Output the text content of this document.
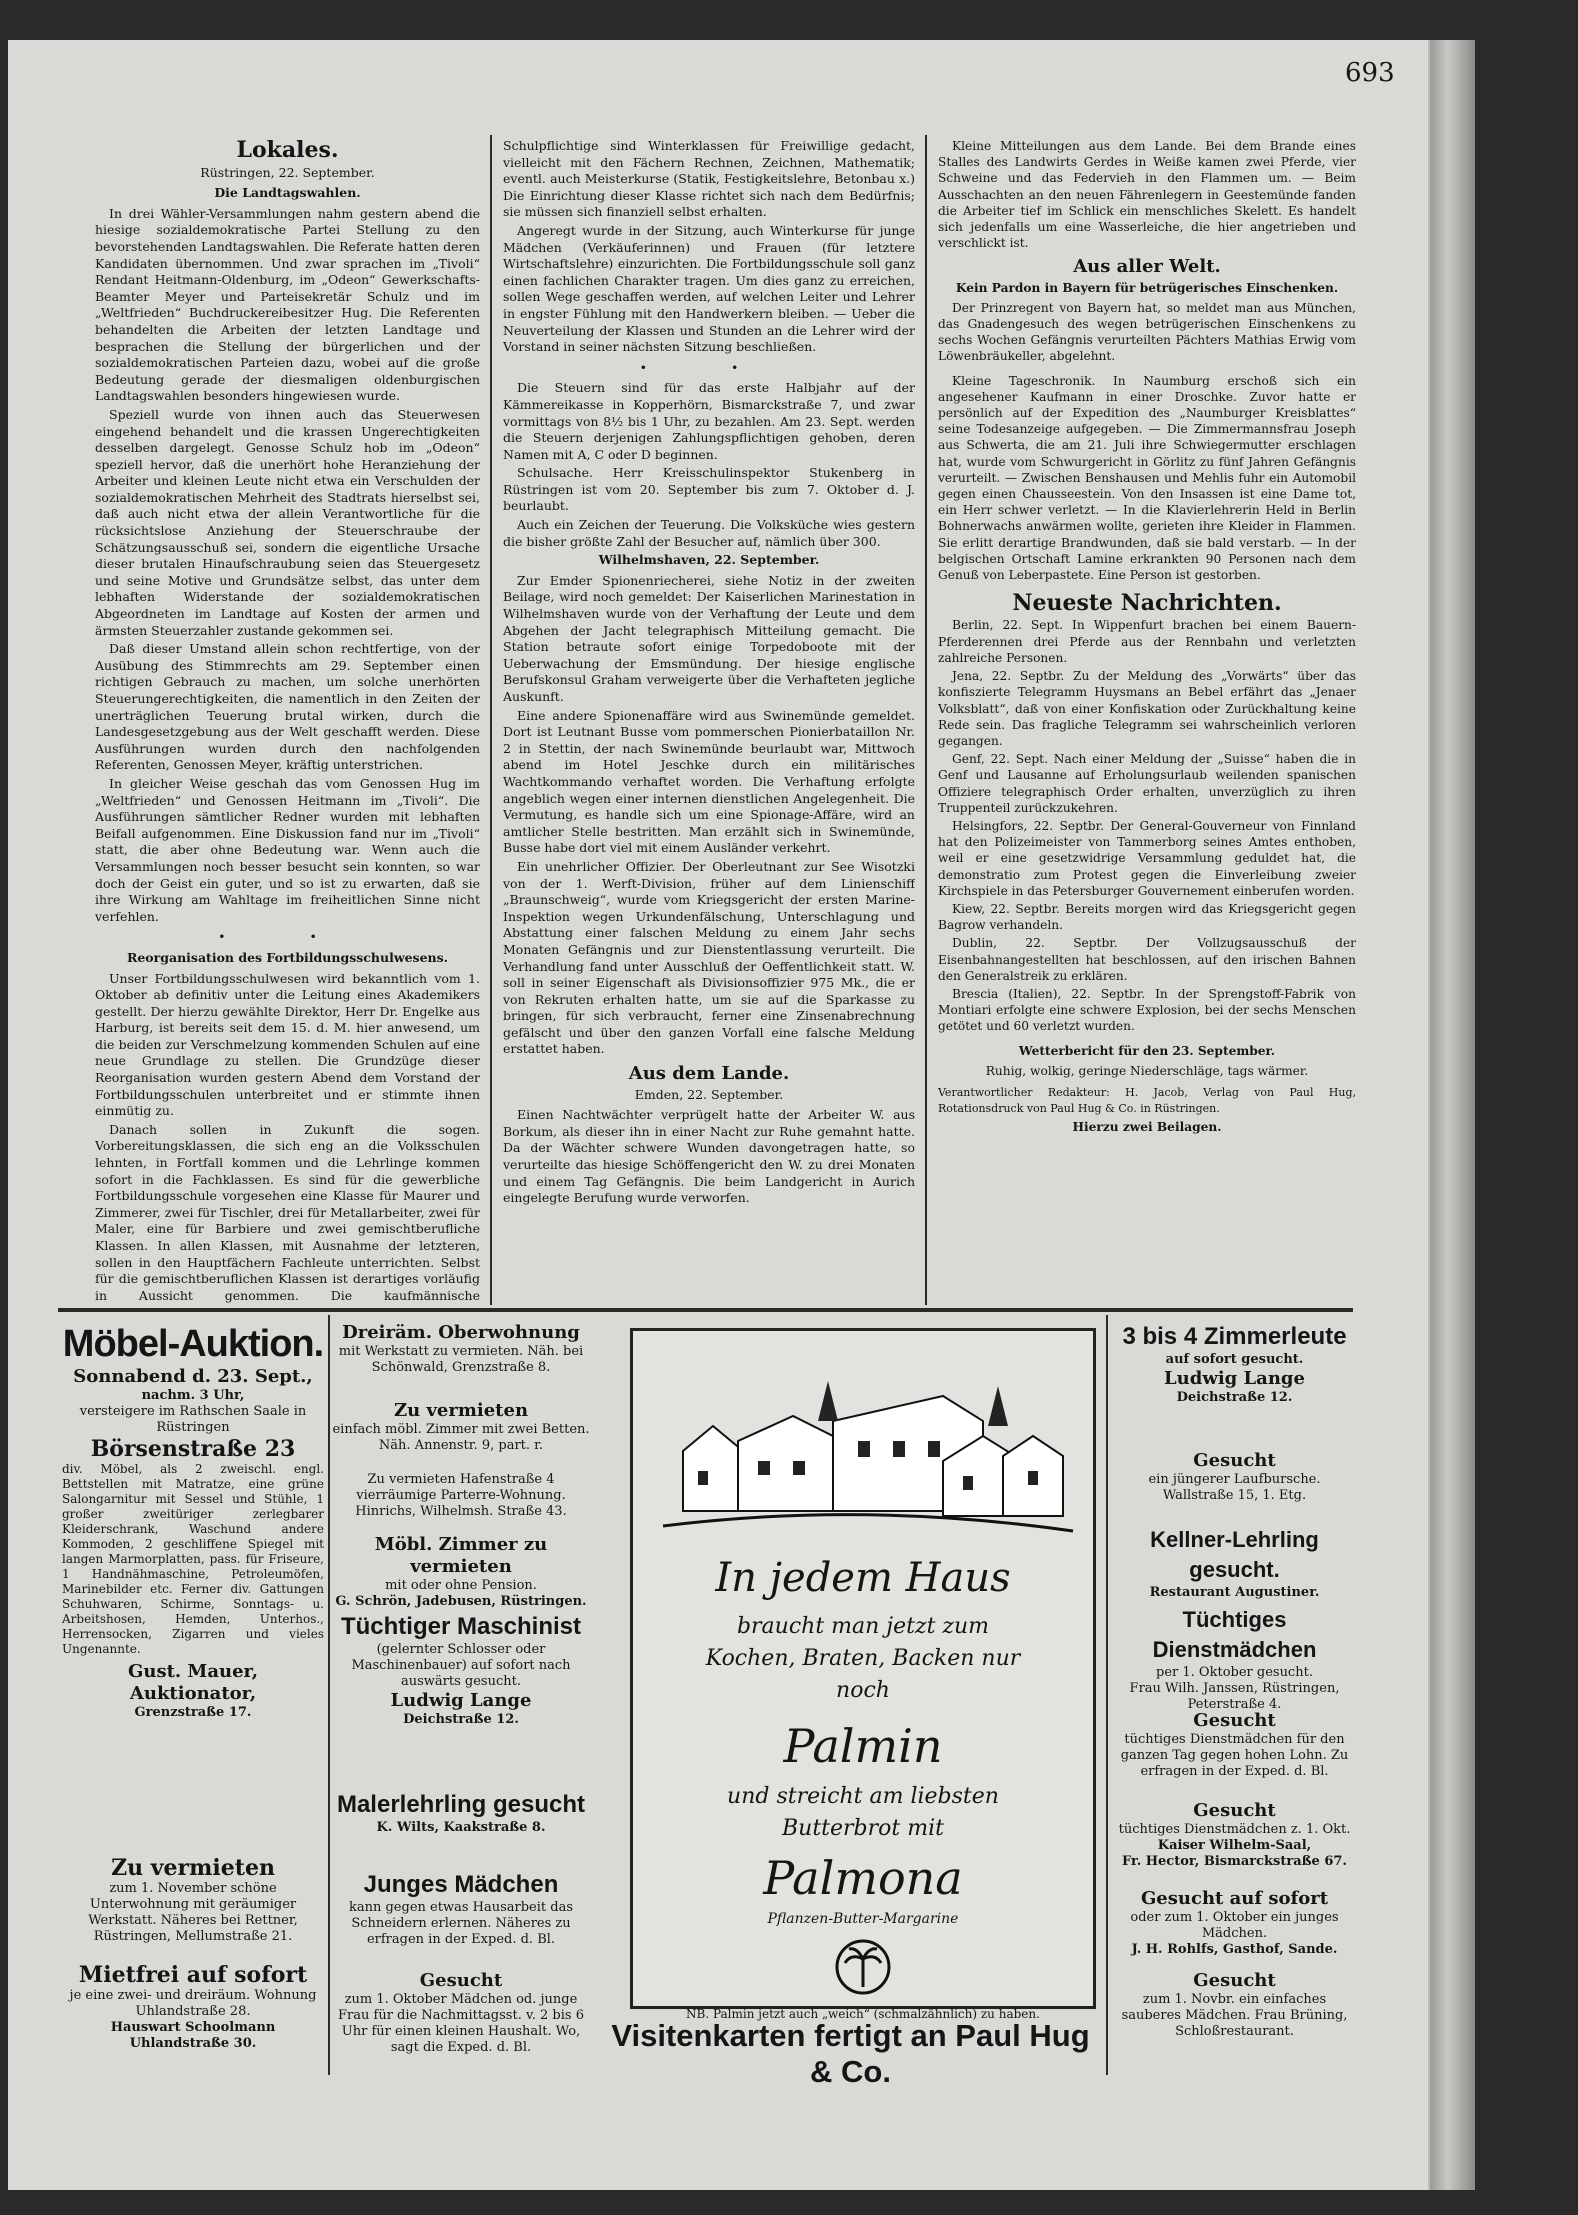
693
Lokales.
Rüstringen, 22. September.
Die Landtagswahlen.

In drei Wähler-Versammlungen nahm gestern abend die hiesige sozialdemokratische Partei Stellung zu den bevorstehenden Landtagswahlen. Die Referate hatten deren Kandidaten übernommen. Und zwar sprachen im „Tivoli“ Rendant Heitmann-Oldenburg, im „Odeon“ Gewerkschafts-Beamter Meyer und Parteisekretär Schulz und im „Weltfrieden“ Buchdruckereibesitzer Hug. Die Referenten behandelten die Arbeiten der letzten Landtage und besprachen die Stellung der bürgerlichen und der sozialdemokratischen Parteien dazu, wobei auf die große Bedeutung gerade der diesmaligen oldenburgischen Landtagswahlen besonders hingewiesen wurde.

Speziell wurde von ihnen auch das Steuerwesen eingehend behandelt und die krassen Ungerechtigkeiten desselben dargelegt. Genosse Schulz hob im „Odeon“ speziell hervor, daß die unerhört hohe Heranziehung der Arbeiter und kleinen Leute nicht etwa ein Verschulden der sozialdemokratischen Mehrheit des Stadtrats hierselbst sei, daß auch nicht etwa der allein Verantwortliche für die rücksichtslose Anziehung der Steuerschraube der Schätzungsausschuß sei, sondern die eigentliche Ursache dieser brutalen Hinaufschraubung seien das Steuergesetz und seine Motive und Grundsätze selbst, das unter dem lebhaften Widerstande der sozialdemokratischen Abgeordneten im Landtage auf Kosten der armen und ärmsten Steuerzahler zustande gekommen sei.

Daß dieser Umstand allein schon rechtfertige, von der Ausübung des Stimmrechts am 29. September einen richtigen Gebrauch zu machen, um solche unerhörten Steuerungerechtigkeiten, die namentlich in den Zeiten der unerträglichen Teuerung brutal wirken, durch die Landesgesetzgebung aus der Welt geschafft werden. Diese Ausführungen wurden durch den nachfolgenden Referenten, Genossen Meyer, kräftig unterstrichen.

In gleicher Weise geschah das vom Genossen Hug im „Weltfrieden“ und Genossen Heitmann im „Tivoli“. Die Ausführungen sämtlicher Redner wurden mit lebhaften Beifall aufgenommen. Eine Diskussion fand nur im „Tivoli“ statt, die aber ohne Bedeutung war. Wenn auch die Versammlungen noch besser besucht sein konnten, so war doch der Geist ein guter, und so ist zu erwarten, daß sie ihre Wirkung am Wahltage im freiheitlichen Sinne nicht verfehlen.

• •
Reorganisation des Fortbildungsschulwesens.

Unser Fortbildungsschulwesen wird bekanntlich vom 1. Oktober ab definitiv unter die Leitung eines Akademikers gestellt. Der hierzu gewählte Direktor, Herr Dr. Engelke aus Harburg, ist bereits seit dem 15. d. M. hier anwesend, um die beiden zur Verschmelzung kommenden Schulen auf eine neue Grundlage zu stellen. Die Grundzüge dieser Reorganisation wurden gestern Abend dem Vorstand der Fortbildungsschulen unterbreitet und er stimmte ihnen einmütig zu.

Danach sollen in Zukunft die sogen. Vorbereitungsklassen, die sich eng an die Volksschulen lehnten, in Fortfall kommen und die Lehrlinge kommen sofort in die Fachklassen. Es sind für die gewerbliche Fortbildungsschule vorgesehen eine Klasse für Maurer und Zimmerer, zwei für Tischler, drei für Metallarbeiter, zwei für Maler, eine für Barbiere und zwei gemischtberufliche Klassen. In allen Klassen, mit Ausnahme der letzteren, sollen in den Hauptfächern Fachleute unterrichten. Selbst für die gemischtberuflichen Klassen ist derartiges vorläufig in Aussicht genommen. Die kaufmännische

Schulpflichtige sind Winterklassen für Freiwillige gedacht, vielleicht mit den Fächern Rechnen, Zeichnen, Mathematik; eventl. auch Meisterkurse (Statik, Festigkeitslehre, Betonbau x.) Die Einrichtung dieser Klasse richtet sich nach dem Bedürfnis; sie müssen sich finanziell selbst erhalten.

Angeregt wurde in der Sitzung, auch Winterkurse für junge Mädchen (Verkäuferinnen) und Frauen (für letztere Wirtschaftslehre) einzurichten. Die Fortbildungsschule soll ganz einen fachlichen Charakter tragen. Um dies ganz zu erreichen, sollen Wege geschaffen werden, auf welchen Leiter und Lehrer in engster Fühlung mit den Handwerkern bleiben. — Ueber die Neuverteilung der Klassen und Stunden an die Lehrer wird der Vorstand in seiner nächsten Sitzung beschließen.

• •

Die Steuern sind für das erste Halbjahr auf der Kämmereikasse in Kopperhörn, Bismarckstraße 7, und zwar vormittags von 8½ bis 1 Uhr, zu bezahlen. Am 23. Sept. werden die Steuern derjenigen Zahlungspflichtigen gehoben, deren Namen mit A, C oder D beginnen.

Schulsache. Herr Kreisschulinspektor Stukenberg in Rüstringen ist vom 20. September bis zum 7. Oktober d. J. beurlaubt.

Auch ein Zeichen der Teuerung. Die Volksküche wies gestern die bisher größte Zahl der Besucher auf, nämlich über 300.

Wilhelmshaven, 22. September.

Zur Emder Spionenriecherei, siehe Notiz in der zweiten Beilage, wird noch gemeldet: Der Kaiserlichen Marinestation in Wilhelmshaven wurde von der Verhaftung der Leute und dem Abgehen der Jacht telegraphisch Mitteilung gemacht. Die Station betraute sofort einige Torpedoboote mit der Ueberwachung der Emsmündung. Der hiesige englische Berufskonsul Graham verweigerte über die Verhafteten jegliche Auskunft.

Eine andere Spionenaffäre wird aus Swinemünde gemeldet. Dort ist Leutnant Busse vom pommerschen Pionierbataillon Nr. 2 in Stettin, der nach Swinemünde beurlaubt war, Mittwoch abend im Hotel Jeschke durch ein militärisches Wachtkommando verhaftet worden. Die Verhaftung erfolgte angeblich wegen einer internen dienstlichen Angelegenheit. Die Vermutung, es handle sich um eine Spionage-Affäre, wird an amtlicher Stelle bestritten. Man erzählt sich in Swinemünde, Busse habe dort viel mit einem Ausländer verkehrt.

Ein unehrlicher Offizier. Der Oberleutnant zur See Wisotzki von der 1. Werft-Division, früher auf dem Linienschiff „Braunschweig“, wurde vom Kriegsgericht der ersten Marine-Inspektion wegen Urkundenfälschung, Unterschlagung und Abstattung einer falschen Meldung zu einem Jahr sechs Monaten Gefängnis und zur Dienstentlassung verurteilt. Die Verhandlung fand unter Ausschluß der Oeffentlichkeit statt. W. soll in seiner Eigenschaft als Divisionsoffizier 975 Mk., die er von Rekruten erhalten hatte, um sie auf die Sparkasse zu bringen, für sich verbraucht, ferner eine Zinsenabrechnung gefälscht und über den ganzen Vorfall eine falsche Meldung erstattet haben.

Aus dem Lande.
Emden, 22. September.

Einen Nachtwächter verprügelt hatte der Arbeiter W. aus Borkum, als dieser ihn in einer Nacht zur Ruhe gemahnt hatte. Da der Wächter schwere Wunden davongetragen hatte, so verurteilte das hiesige Schöffengericht den W. zu drei Monaten und einem Tag Gefängnis. Die beim Landgericht in Aurich eingelegte Berufung wurde verworfen.

Kleine Mitteilungen aus dem Lande. Bei dem Brande eines Stalles des Landwirts Gerdes in Weiße kamen zwei Pferde, vier Schweine und das Federvieh in den Flammen um. — Beim Ausschachten an den neuen Fährenlegern in Geestemünde fanden die Arbeiter tief im Schlick ein menschliches Skelett. Es handelt sich jedenfalls um eine Wasserleiche, die hier angetrieben und verschlickt ist.

Aus aller Welt.
Kein Pardon in Bayern für betrügerisches Einschenken.

Der Prinzregent von Bayern hat, so meldet man aus München, das Gnadengesuch des wegen betrügerischen Einschenkens zu sechs Wochen Gefängnis verurteilten Pächters Mathias Erwig vom Löwenbräukeller, abgelehnt.

Kleine Tageschronik. In Naumburg erschoß sich ein angesehener Kaufmann in einer Droschke. Zuvor hatte er persönlich auf der Expedition des „Naumburger Kreisblattes“ seine Todesanzeige aufgegeben. — Die Zimmermannsfrau Joseph aus Schwerta, die am 21. Juli ihre Schwiegermutter erschlagen hat, wurde vom Schwurgericht in Görlitz zu fünf Jahren Gefängnis verurteilt. — Zwischen Benshausen und Mehlis fuhr ein Automobil gegen einen Chausseestein. Von den Insassen ist eine Dame tot, ein Herr schwer verletzt. — In die Klavierlehrerin Held in Berlin Bohnerwachs anwärmen wollte, gerieten ihre Kleider in Flammen. Sie erlitt derartige Brandwunden, daß sie bald verstarb. — In der belgischen Ortschaft Lamine erkrankten 90 Personen nach dem Genuß von Leberpastete. Eine Person ist gestorben.

Neueste Nachrichten.

Berlin, 22. Sept. In Wippenfurt brachen bei einem Bauern-Pferderennen drei Pferde aus der Rennbahn und verletzten zahlreiche Personen.

Jena, 22. Septbr. Zu der Meldung des „Vorwärts“ über das konfiszierte Telegramm Huysmans an Bebel erfährt das „Jenaer Volksblatt“, daß von einer Konfiskation oder Zurückhaltung keine Rede sein. Das fragliche Telegramm sei wahrscheinlich verloren gegangen.

Genf, 22. Sept. Nach einer Meldung der „Suisse“ haben die in Genf und Lausanne auf Erholungsurlaub weilenden spanischen Offiziere telegraphisch Order erhalten, unverzüglich zu ihren Truppenteil zurückzukehren.

Helsingfors, 22. Septbr. Der General-Gouverneur von Finnland hat den Polizeimeister von Tammerborg seines Amtes enthoben, weil er eine gesetzwidrige Versammlung geduldet hat, die demonstratio zum Protest gegen die Einverleibung zweier Kirchspiele in das Petersburger Gouvernement einberufen worden.

Kiew, 22. Septbr. Bereits morgen wird das Kriegsgericht gegen Bagrow verhandeln.

Dublin, 22. Septbr. Der Vollzugsausschuß der Eisenbahnangestellten hat beschlossen, auf den irischen Bahnen den Generalstreik zu erklären.

Brescia (Italien), 22. Septbr. In der Sprengstoff-Fabrik von Montiari erfolgte eine schwere Explosion, bei der sechs Menschen getötet und 60 verletzt wurden.

Wetterbericht für den 23. September.
Ruhig, wolkig, geringe Niederschläge, tags wärmer.

Verantwortlicher Redakteur: H. Jacob, Verlag von Paul Hug, Rotationsdruck von Paul Hug & Co. in Rüstringen.

Hierzu zwei Beilagen.
Möbel-Auktion.
Sonnabend d. 23. Sept.,
nachm. 3 Uhr,
versteigere im Rathschen Saale in Rüstringen
Börsenstraße 23
div. Möbel, als 2 zweischl. engl. Bettstellen mit Matratze, eine grüne Salongarnitur mit Sessel und Stühle, 1 großer zweitüriger zerlegbarer Kleiderschrank, Waschund andere Kommoden, 2 geschliffene Spiegel mit langen Marmorplatten, pass. für Friseure, 1 Handnähmaschine, Petroleumöfen, Marinebilder etc. Ferner div. Gattungen Schuhwaren, Schirme, Sonntags- u. Arbeitshosen, Hemden, Unterhos., Herrensocken, Zigarren und vieles Ungenannte.
Gust. Mauer, Auktionator,
Grenzstraße 17.
Zu vermieten
zum 1. November schöne Unterwohnung mit geräumiger Werkstatt. Näheres bei Rettner, Rüstringen, Mellumstraße 21.
Mietfrei auf sofort
je eine zwei- und dreiräum. Wohnung Uhlandstraße 28.
Hauswart Schoolmann
Uhlandstraße 30.
Dreiräm. Oberwohnung
mit Werkstatt zu vermieten. Näh. bei Schönwald, Grenzstraße 8.
Zu vermieten
einfach möbl. Zimmer mit zwei Betten. Näh. Annenstr. 9, part. r.
Zu vermieten Hafenstraße 4 vierräumige Parterre-Wohnung. Hinrichs, Wilhelmsh. Straße 43.
Möbl. Zimmer zu vermieten
mit oder ohne Pension.
G. Schrön, Jadebusen, Rüstringen.
Tüchtiger Maschinist
(gelernter Schlosser oder Maschinenbauer) auf sofort nach auswärts gesucht.
Ludwig Lange
Deichstraße 12.
Malerlehrling gesucht
K. Wilts, Kaakstraße 8.
Junges Mädchen
kann gegen etwas Hausarbeit das Schneidern erlernen. Näheres zu erfragen in der Exped. d. Bl.
Gesucht
zum 1. Oktober Mädchen od. junge Frau für die Nachmittagsst. v. 2 bis 6 Uhr für einen kleinen Haushalt. Wo, sagt die Exped. d. Bl.
In jedem Haus
braucht man jetzt zum Kochen, Braten, Backen nur noch
Palmin
und streicht am liebsten Butterbrot mit
Palmona
Pflanzen-Butter-Margarine
NB. Palmin jetzt auch „weich“ (schmalzähnlich) zu haben.
Visitenkarten fertigt an Paul Hug & Co.
3 bis 4 Zimmerleute
auf sofort gesucht.
Ludwig Lange
Deichstraße 12.
Gesucht
ein jüngerer Laufbursche.
Wallstraße 15, 1. Etg.
Kellner-Lehrling gesucht.
Restaurant Augustiner.
Tüchtiges Dienstmädchen
per 1. Oktober gesucht.
Frau Wilh. Janssen, Rüstringen,
Peterstraße 4.
Gesucht
tüchtiges Dienstmädchen für den ganzen Tag gegen hohen Lohn. Zu erfragen in der Exped. d. Bl.
Gesucht
tüchtiges Dienstmädchen z. 1. Okt.
Kaiser Wilhelm-Saal,
Fr. Hector, Bismarckstraße 67.
Gesucht auf sofort
oder zum 1. Oktober ein junges Mädchen.
J. H. Rohlfs, Gasthof, Sande.
Gesucht
zum 1. Novbr. ein einfaches sauberes Mädchen. Frau Brüning, Schloßrestaurant.
